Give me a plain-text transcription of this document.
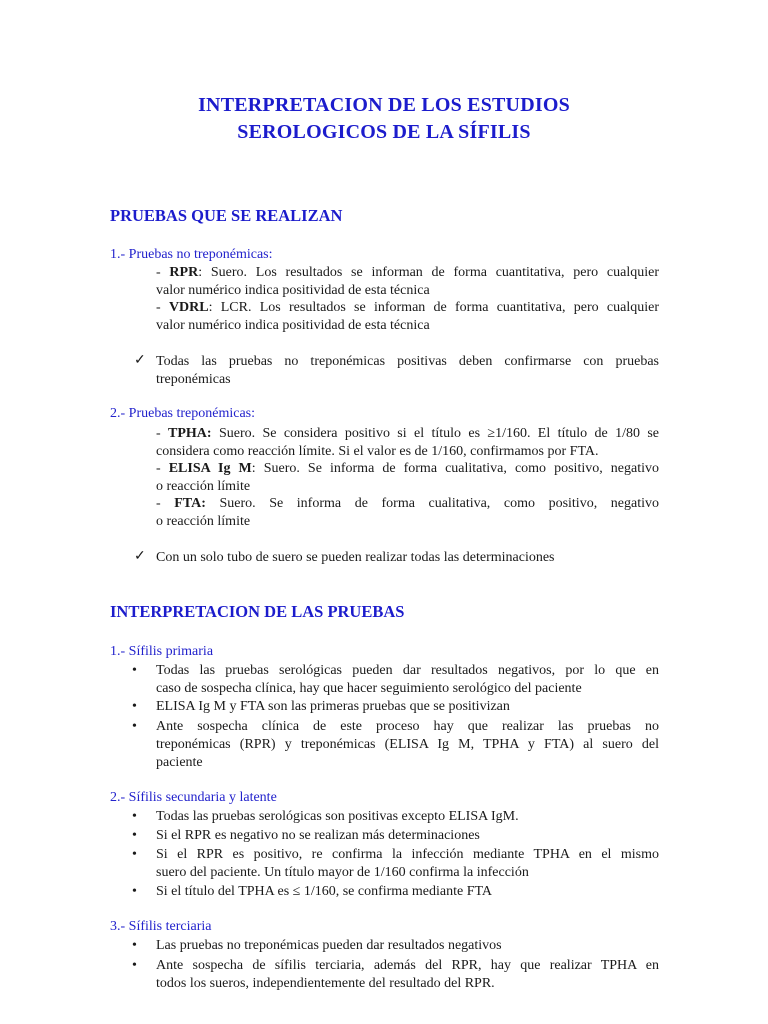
INTERPRETACION DE LOS ESTUDIOS
SEROLOGICOS DE LA SÍFILIS
PRUEBAS QUE SE REALIZAN
1.- Pruebas no treponémicas:
- RPR: Suero. Los resultados se informan de forma cuantitativa, pero cualquier
valor numérico indica positividad de esta técnica
- VDRL: LCR. Los resultados se informan de forma cuantitativa, pero cualquier
valor numérico indica positividad de esta técnica
✓ Todas las pruebas no treponémicas positivas deben confirmarse con pruebas
treponémicas
2.- Pruebas treponémicas:
- TPHA: Suero. Se considera positivo si el título es ≥1/160. El título de 1/80 se
considera como reacción límite. Si el valor es de 1/160, confirmamos por FTA.
- ELISA Ig M: Suero. Se informa de forma cualitativa, como positivo, negativo
o reacción límite
- FTA: Suero. Se informa de forma cualitativa, como positivo, negativo
o reacción límite
✓ Con un solo tubo de suero se pueden realizar todas las determinaciones
INTERPRETACION DE LAS PRUEBAS
1.- Sífilis primaria
• Todas las pruebas serológicas pueden dar resultados negativos, por lo que en
caso de sospecha clínica, hay que hacer seguimiento serológico del paciente
• ELISA Ig M y FTA son las primeras pruebas que se positivizan
• Ante sospecha clínica de este proceso hay que realizar las pruebas no
treponémicas (RPR) y treponémicas (ELISA Ig M, TPHA y FTA) al suero del
paciente
2.- Sífilis secundaria y latente
• Todas las pruebas serológicas son positivas excepto ELISA IgM.
• Si el RPR es negativo no se realizan más determinaciones
• Si el RPR es positivo, re confirma la infección mediante TPHA en el mismo
suero del paciente. Un título mayor de 1/160 confirma la infección
• Si el título del TPHA es ≤ 1/160, se confirma mediante FTA
3.- Sífilis terciaria
• Las pruebas no treponémicas pueden dar resultados negativos
• Ante sospecha de sífilis terciaria, además del RPR, hay que realizar TPHA en
todos los sueros, independientemente del resultado del RPR.
